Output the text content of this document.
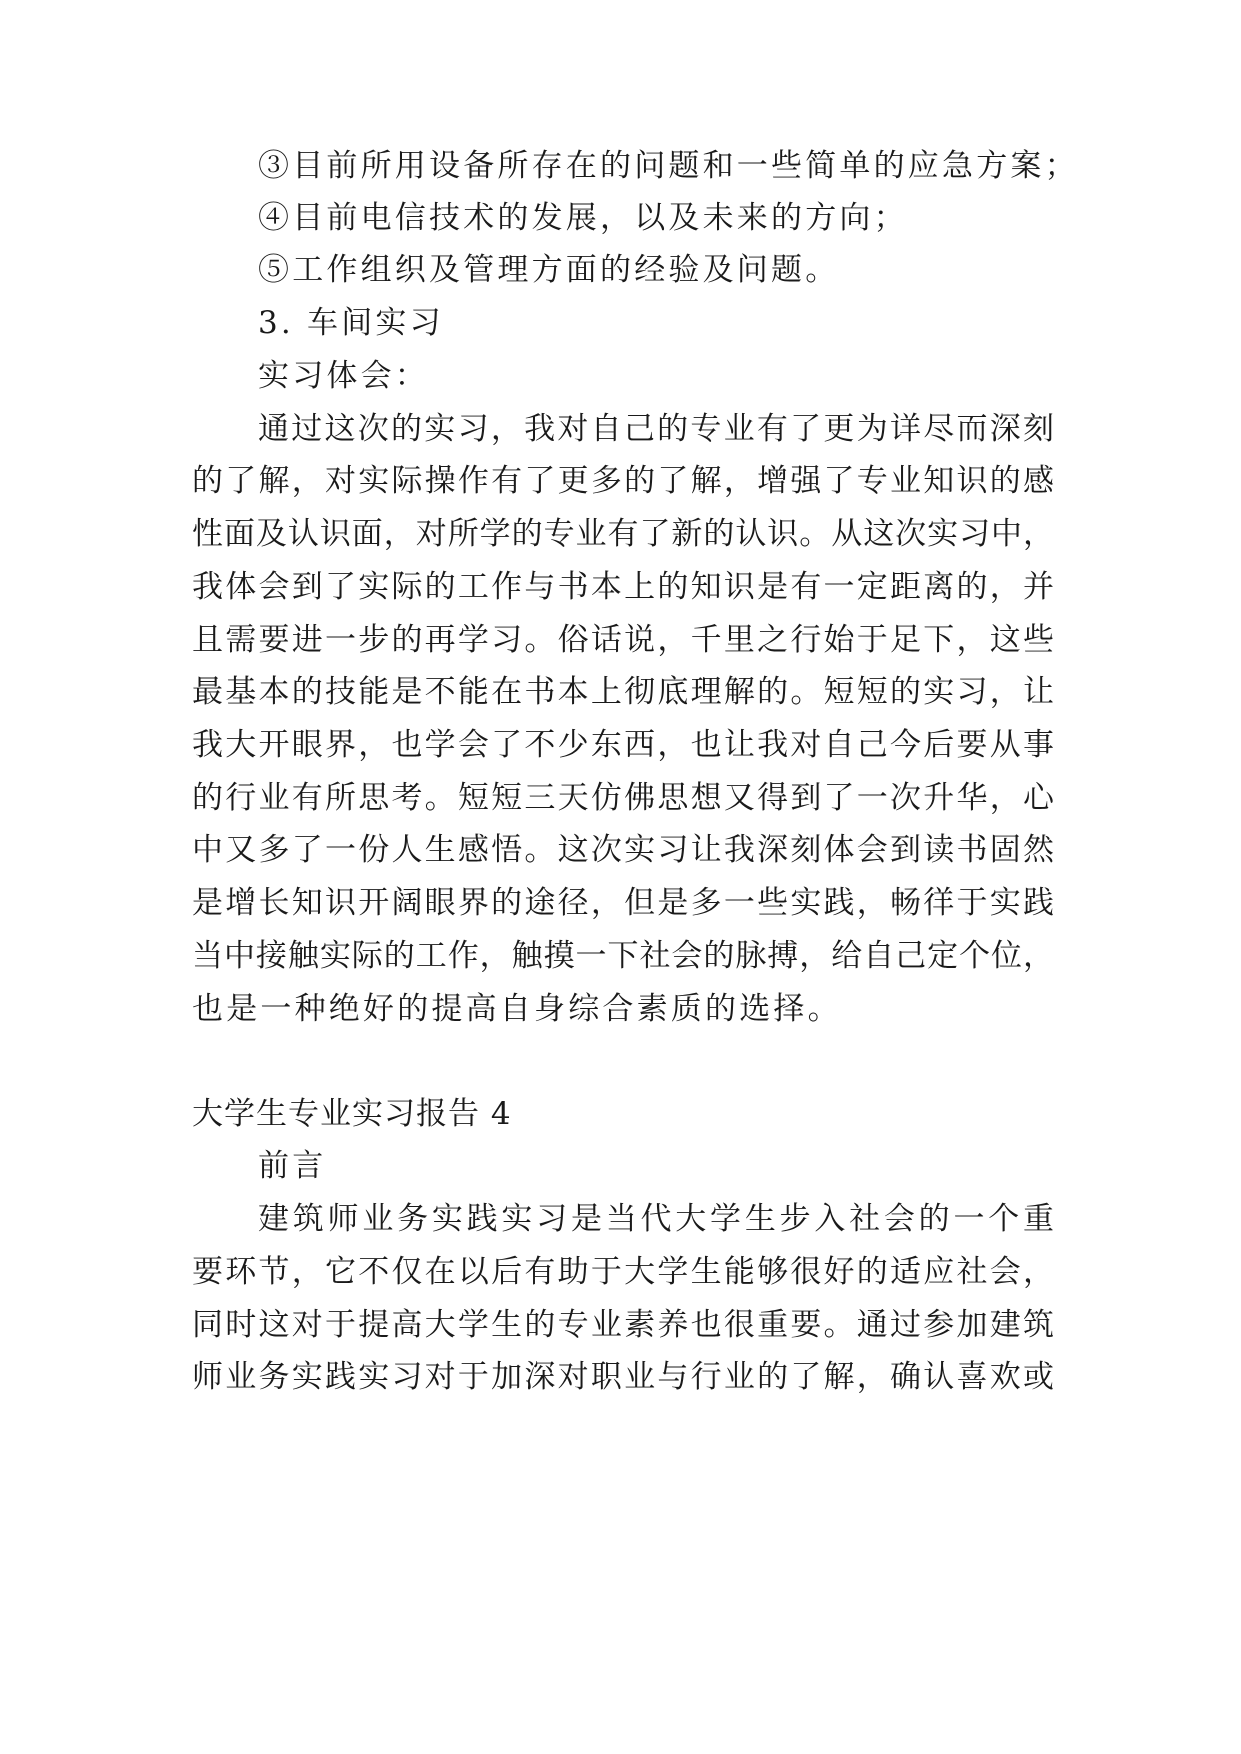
③目前所用设备所存在的问题和一些简单的应急方案；
④目前电信技术的发展，以及未来的方向；
⑤工作组织及管理方面的经验及问题。
3. 车间实习
实习体会：
通过这次的实习，我对自己的专业有了更为详尽而深刻
的了解，对实际操作有了更多的了解，增强了专业知识的感
性面及认识面，对所学的专业有了新的认识。从这次实习中，
我体会到了实际的工作与书本上的知识是有一定距离的，并
且需要进一步的再学习。俗话说，千里之行始于足下，这些
最基本的技能是不能在书本上彻底理解的。短短的实习，让
我大开眼界，也学会了不少东西，也让我对自己今后要从事
的行业有所思考。短短三天仿佛思想又得到了一次升华，心
中又多了一份人生感悟。这次实习让我深刻体会到读书固然
是增长知识开阔眼界的途径，但是多一些实践，畅徉于实践
当中接触实际的工作，触摸一下社会的脉搏，给自己定个位，
也是一种绝好的提高自身综合素质的选择。
大学生专业实习报告 4
前言
建筑师业务实践实习是当代大学生步入社会的一个重
要环节，它不仅在以后有助于大学生能够很好的适应社会，
同时这对于提高大学生的专业素养也很重要。通过参加建筑
师业务实践实习对于加深对职业与行业的了解，确认喜欢或
